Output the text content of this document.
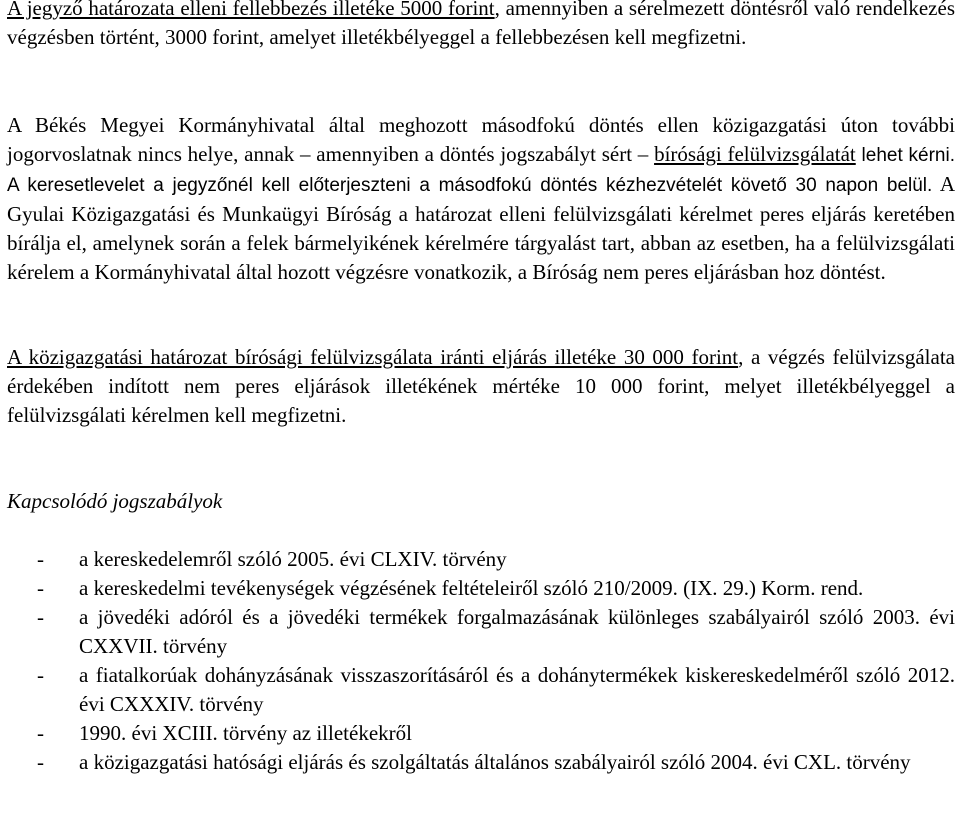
A jegyző határozata elleni fellebbezés illetéke 5000 forint, amennyiben a sérelmezett döntésről való rendelkezés végzésben történt, 3000 forint, amelyet illetékbélyeggel a fellebbezésen kell megfizetni.

A Békés Megyei Kormányhivatal által meghozott másodfokú döntés ellen közigazgatási úton további jogorvoslatnak nincs helye, annak – amennyiben a döntés jogszabályt sért – bírósági felülvizsgálatát lehet kérni. A keresetlevelet a jegyzőnél kell előterjeszteni a másodfokú döntés kézhezvételét követő 30 napon belül. A Gyulai Közigazgatási és Munkaügyi Bíróság a határozat elleni felülvizsgálati kérelmet peres eljárás keretében bírálja el, amelynek során a felek bármelyikének kérelmére tárgyalást tart, abban az esetben, ha a felülvizsgálati kérelem a Kormányhivatal által hozott végzésre vonatkozik, a Bíróság nem peres eljárásban hoz döntést.

A közigazgatási határozat bírósági felülvizsgálata iránti eljárás illetéke 30 000 forint, a végzés felülvizsgálata érdekében indított nem peres eljárások illetékének mértéke 10 000 forint, melyet illetékbélyeggel a felülvizsgálati kérelmen kell megfizetni.

Kapcsolódó jogszabályok

- a kereskedelemről szóló 2005. évi CLXIV. törvény
- a kereskedelmi tevékenységek végzésének feltételeiről szóló 210/2009. (IX. 29.) Korm. rend.
- a jövedéki adóról és a jövedéki termékek forgalmazásának különleges szabályairól szóló 2003. évi CXXVII. törvény
- a fiatalkorúak dohányzásának visszaszorításáról és a dohánytermékek kiskereskedelméről szóló 2012. évi CXXXIV. törvény
- 1990. évi XCIII. törvény az illetékekről
- a közigazgatási hatósági eljárás és szolgáltatás általános szabályairól szóló 2004. évi CXL. törvény
